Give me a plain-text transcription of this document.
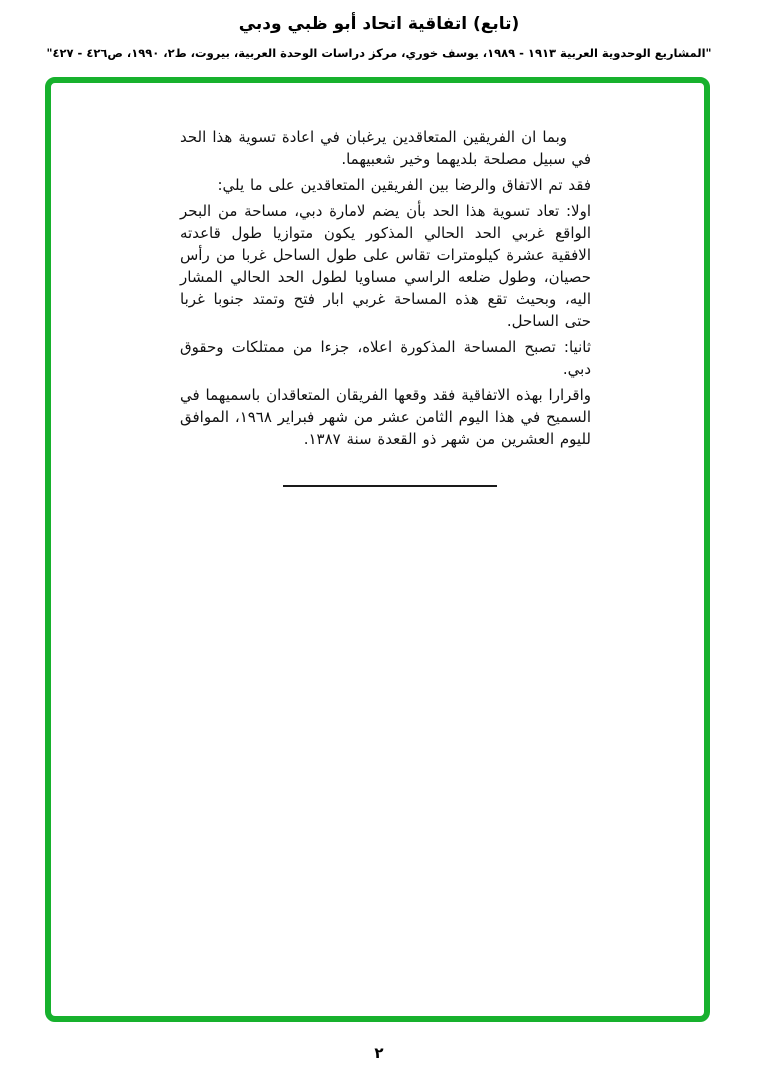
(تابع) اتفاقية اتحاد أبو ظبي ودبي
"المشاريع الوحدوية العربية ١٩١٣ - ١٩٨٩، يوسف خوري، مركز دراسات الوحدة العربية، بيروت، ط٢، ١٩٩٠، ص٤٢٦ - ٤٢٧"

وبما ان الفريقين المتعاقدين يرغبان في اعادة تسوية هذا الحد في سبيل مصلحة بلديهما وخير شعبيهما.

فقد تم الاتفاق والرضا بين الفريقين المتعاقدين على ما يلي:

اولا: تعاد تسوية هذا الحد بأن يضم لامارة دبي، مساحة من البحر الواقع غربي الحد الحالي المذكور يكون متوازيا طول قاعدته الافقية عشرة كيلومترات تقاس على طول الساحل غربا من رأس حصيان، وطول ضلعه الراسي مساويا لطول الحد الحالي المشار اليه، وبحيث تقع هذه المساحة غربي ابار فتح وتمتد جنوبا غربا حتى الساحل.

ثانيا: تصبح المساحة المذكورة اعلاه، جزءا من ممتلكات وحقوق دبي.

واقرارا بهذه الاتفاقية فقد وقعها الفريقان المتعاقدان باسميهما في السميح في هذا اليوم الثامن عشر من شهر فبراير ١٩٦٨، الموافق لليوم العشرين من شهر ذو القعدة سنة ١٣٨٧.

٢
